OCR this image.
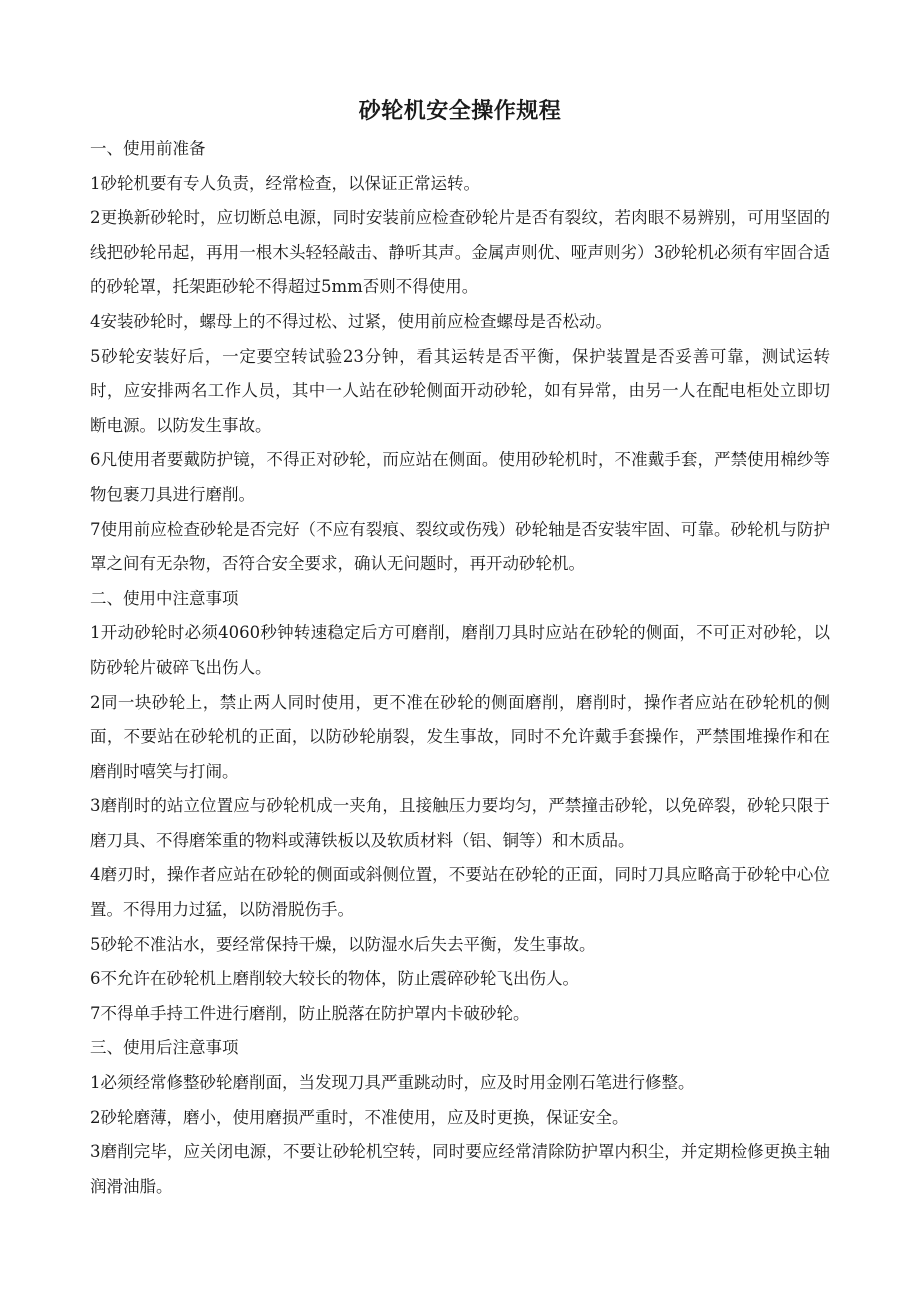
砂轮机安全操作规程

一、使用前准备

1砂轮机要有专人负责，经常检查，以保证正常运转。

2更换新砂轮时，应切断总电源，同时安装前应检查砂轮片是否有裂纹，若肉眼不易辨别，可用坚固的线把砂轮吊起，再用一根木头轻轻敲击、静听其声。金属声则优、哑声则劣）3砂轮机必须有牢固合适的砂轮罩，托架距砂轮不得超过5mm否则不得使用。

4安装砂轮时，螺母上的不得过松、过紧，使用前应检查螺母是否松动。

5砂轮安装好后，一定要空转试验23分钟，看其运转是否平衡，保护装置是否妥善可靠，测试运转时，应安排两名工作人员，其中一人站在砂轮侧面开动砂轮，如有异常，由另一人在配电柜处立即切断电源。以防发生事故。

6凡使用者要戴防护镜，不得正对砂轮，而应站在侧面。使用砂轮机时，不准戴手套，严禁使用棉纱等物包裹刀具进行磨削。

7使用前应检查砂轮是否完好（不应有裂痕、裂纹或伤残）砂轮轴是否安装牢固、可靠。砂轮机与防护罩之间有无杂物，否符合安全要求，确认无问题时，再开动砂轮机。

二、使用中注意事项

1开动砂轮时必须4060秒钟转速稳定后方可磨削，磨削刀具时应站在砂轮的侧面，不可正对砂轮，以防砂轮片破碎飞出伤人。

2同一块砂轮上，禁止两人同时使用，更不准在砂轮的侧面磨削，磨削时，操作者应站在砂轮机的侧面，不要站在砂轮机的正面，以防砂轮崩裂，发生事故，同时不允许戴手套操作，严禁围堆操作和在磨削时嘻笑与打闹。

3磨削时的站立位置应与砂轮机成一夹角，且接触压力要均匀，严禁撞击砂轮，以免碎裂，砂轮只限于磨刀具、不得磨笨重的物料或薄铁板以及软质材料（铝、铜等）和木质品。

4磨刃时，操作者应站在砂轮的侧面或斜侧位置，不要站在砂轮的正面，同时刀具应略高于砂轮中心位置。不得用力过猛，以防滑脱伤手。

5砂轮不准沾水，要经常保持干燥，以防湿水后失去平衡，发生事故。

6不允许在砂轮机上磨削较大较长的物体，防止震碎砂轮飞出伤人。

7不得单手持工件进行磨削，防止脱落在防护罩内卡破砂轮。

三、使用后注意事项

1必须经常修整砂轮磨削面，当发现刀具严重跳动时，应及时用金刚石笔进行修整。

2砂轮磨薄，磨小，使用磨损严重时，不准使用，应及时更换，保证安全。

3磨削完毕，应关闭电源，不要让砂轮机空转，同时要应经常清除防护罩内积尘，并定期检修更换主轴润滑油脂。
